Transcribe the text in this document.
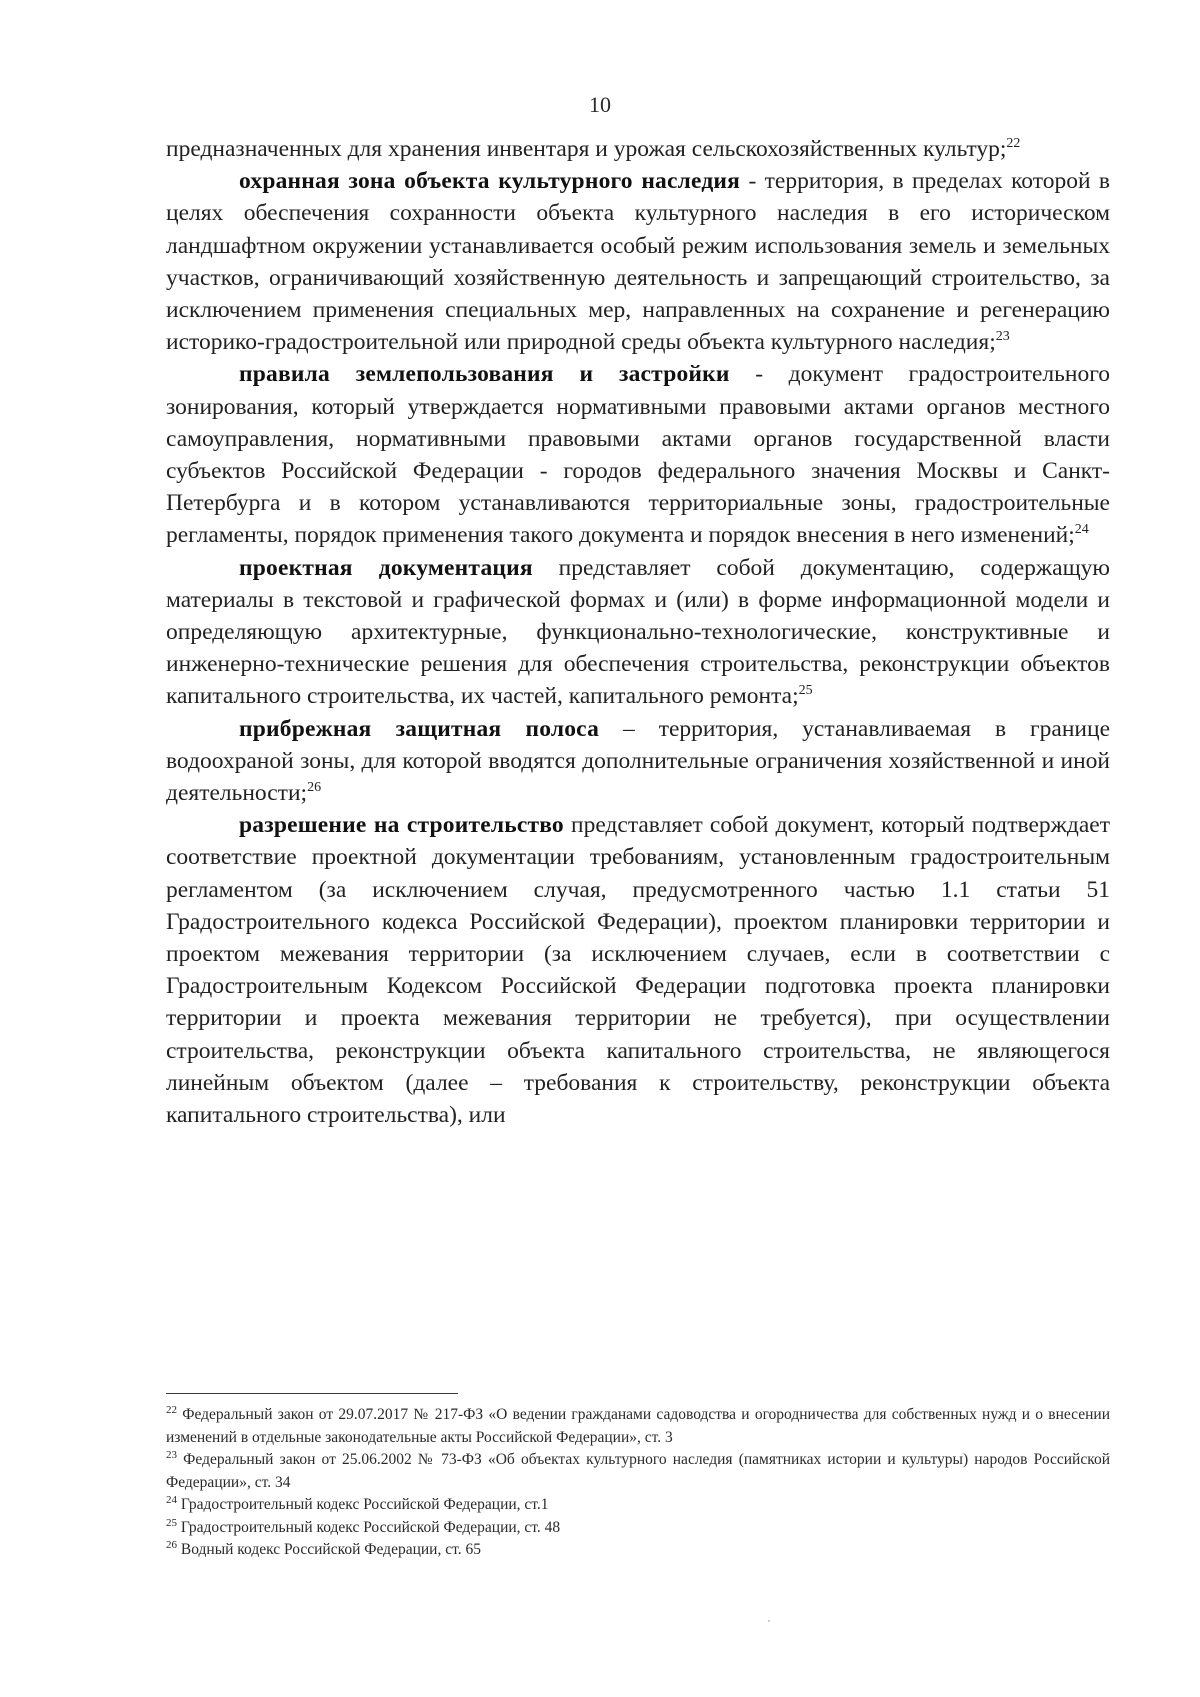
10

предназначенных для хранения инвентаря и урожая сельскохозяйственных культур;$^{22}$

охранная зона объекта культурного наследия - территория, в пределах которой в целях обеспечения сохранности объекта культурного наследия в его историческом ландшафтном окружении устанавливается особый режим использования земель и земельных участков, ограничивающий хозяйственную деятельность и запрещающий строительство, за исключением применения специальных мер, направленных на сохранение и регенерацию историко-градостроительной или природной среды объекта культурного наследия;$^{23}$

правила землепользования и застройки - документ градостроительного зонирования, который утверждается нормативными правовыми актами органов местного самоуправления, нормативными правовыми актами органов государственной власти субъектов Российской Федерации - городов федерального значения Москвы и Санкт-Петербурга и в котором устанавливаются территориальные зоны, градостроительные регламенты, порядок применения такого документа и порядок внесения в него изменений;$^{24}$

проектная документация представляет собой документацию, содержащую материалы в текстовой и графической формах и (или) в форме информационной модели и определяющую архитектурные, функционально-технологические, конструктивные и инженерно-технические решения для обеспечения строительства, реконструкции объектов капитального строительства, их частей, капитального ремонта;$^{25}$

прибрежная защитная полоса – территория, устанавливаемая в границе водоохраной зоны, для которой вводятся дополнительные ограничения хозяйственной и иной деятельности;$^{26}$

разрешение на строительство представляет собой документ, который подтверждает соответствие проектной документации требованиям, установленным градостроительным регламентом (за исключением случая, предусмотренного частью 1.1 статьи 51 Градостроительного кодекса Российской Федерации), проектом планировки территории и проектом межевания территории (за исключением случаев, если в соответствии с Градостроительным Кодексом Российской Федерации подготовка проекта планировки территории и проекта межевания территории не требуется), при осуществлении строительства, реконструкции объекта капитального строительства, не являющегося линейным объектом (далее – требования к строительству, реконструкции объекта капитального строительства), или

$^{22}$ Федеральный закон от 29.07.2017 № 217-ФЗ «О ведении гражданами садоводства и огородничества для собственных нужд и о внесении изменений в отдельные законодательные акты Российской Федерации», ст. 3

$^{23}$ Федеральный закон от 25.06.2002 № 73-ФЗ «Об объектах культурного наследия (памятниках истории и культуры) народов Российской Федерации», ст. 34

$^{24}$ Градостроительный кодекс Российской Федерации, ст.1

$^{25}$ Градостроительный кодекс Российской Федерации, ст. 48

$^{26}$ Водный кодекс Российской Федерации, ст. 65
